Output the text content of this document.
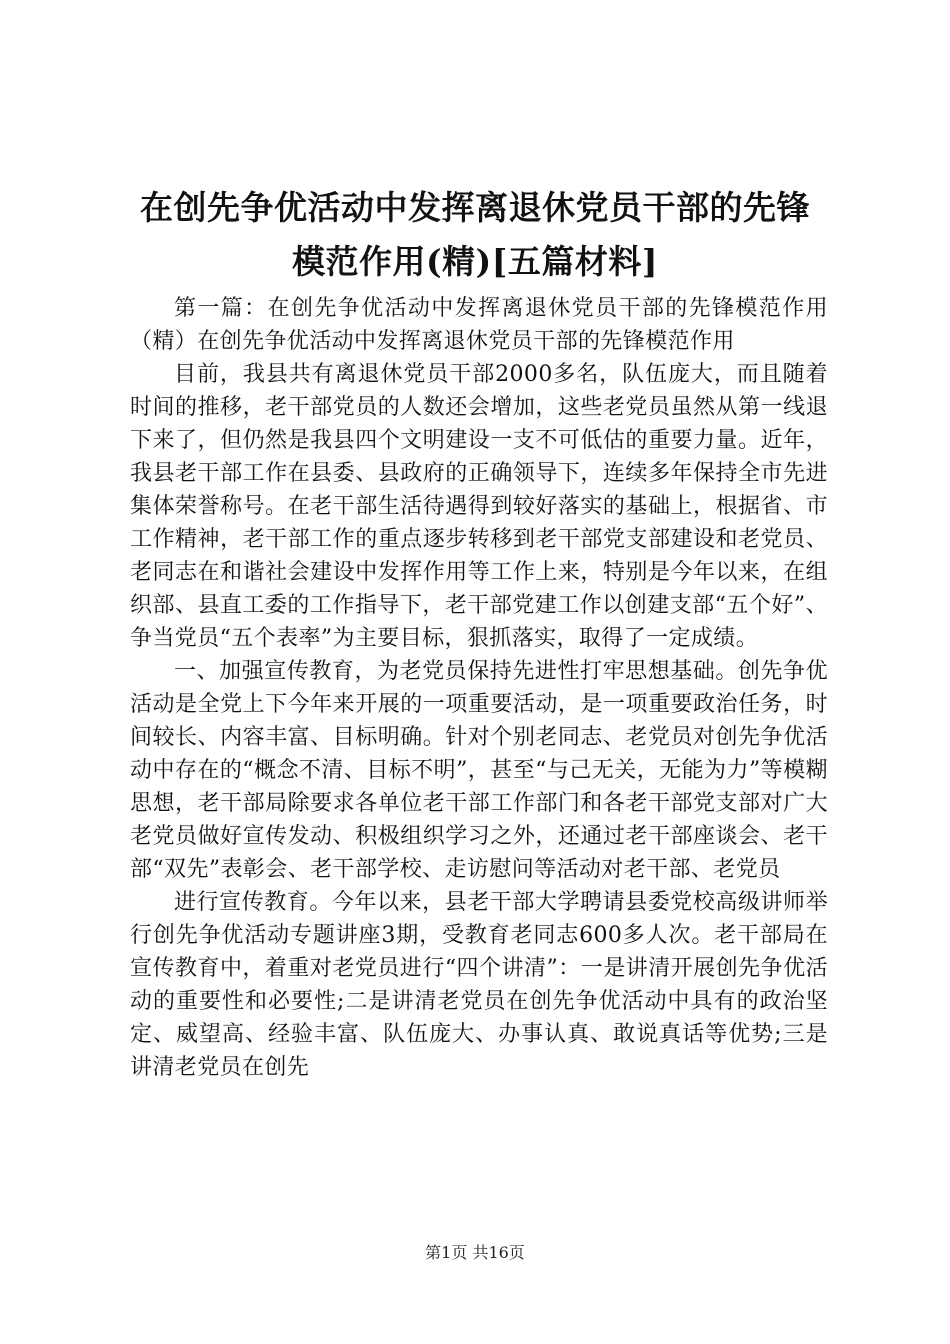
在创先争优活动中发挥离退休党员干部的先锋
模范作用(精)[五篇材料]

第一篇：在创先争优活动中发挥离退休党员干部的先锋模范作用（精）在创先争优活动中发挥离退休党员干部的先锋模范作用

目前，我县共有离退休党员干部2000多名，队伍庞大，而且随着时间的推移，老干部党员的人数还会增加，这些老党员虽然从第一线退下来了，但仍然是我县四个文明建设一支不可低估的重要力量。近年，我县老干部工作在县委、县政府的正确领导下，连续多年保持全市先进集体荣誉称号。在老干部生活待遇得到较好落实的基础上，根据省、市工作精神，老干部工作的重点逐步转移到老干部党支部建设和老党员、老同志在和谐社会建设中发挥作用等工作上来，特别是今年以来，在组织部、县直工委的工作指导下，老干部党建工作以创建支部“五个好”、争当党员“五个表率”为主要目标，狠抓落实，取得了一定成绩。

一、加强宣传教育，为老党员保持先进性打牢思想基础。创先争优活动是全党上下今年来开展的一项重要活动，是一项重要政治任务，时间较长、内容丰富、目标明确。针对个别老同志、老党员对创先争优活动中存在的“概念不清、目标不明”，甚至“与己无关，无能为力”等模糊思想，老干部局除要求各单位老干部工作部门和各老干部党支部对广大老党员做好宣传发动、积极组织学习之外，还通过老干部座谈会、老干部“双先”表彰会、老干部学校、走访慰问等活动对老干部、老党员

进行宣传教育。今年以来，县老干部大学聘请县委党校高级讲师举行创先争优活动专题讲座3期，受教育老同志600多人次。老干部局在宣传教育中，着重对老党员进行“四个讲清”：一是讲清开展创先争优活动的重要性和必要性;二是讲清老党员在创先争优活动中具有的政治坚定、威望高、经验丰富、队伍庞大、办事认真、敢说真话等优势;三是讲清老党员在创先

第1页 共16页
